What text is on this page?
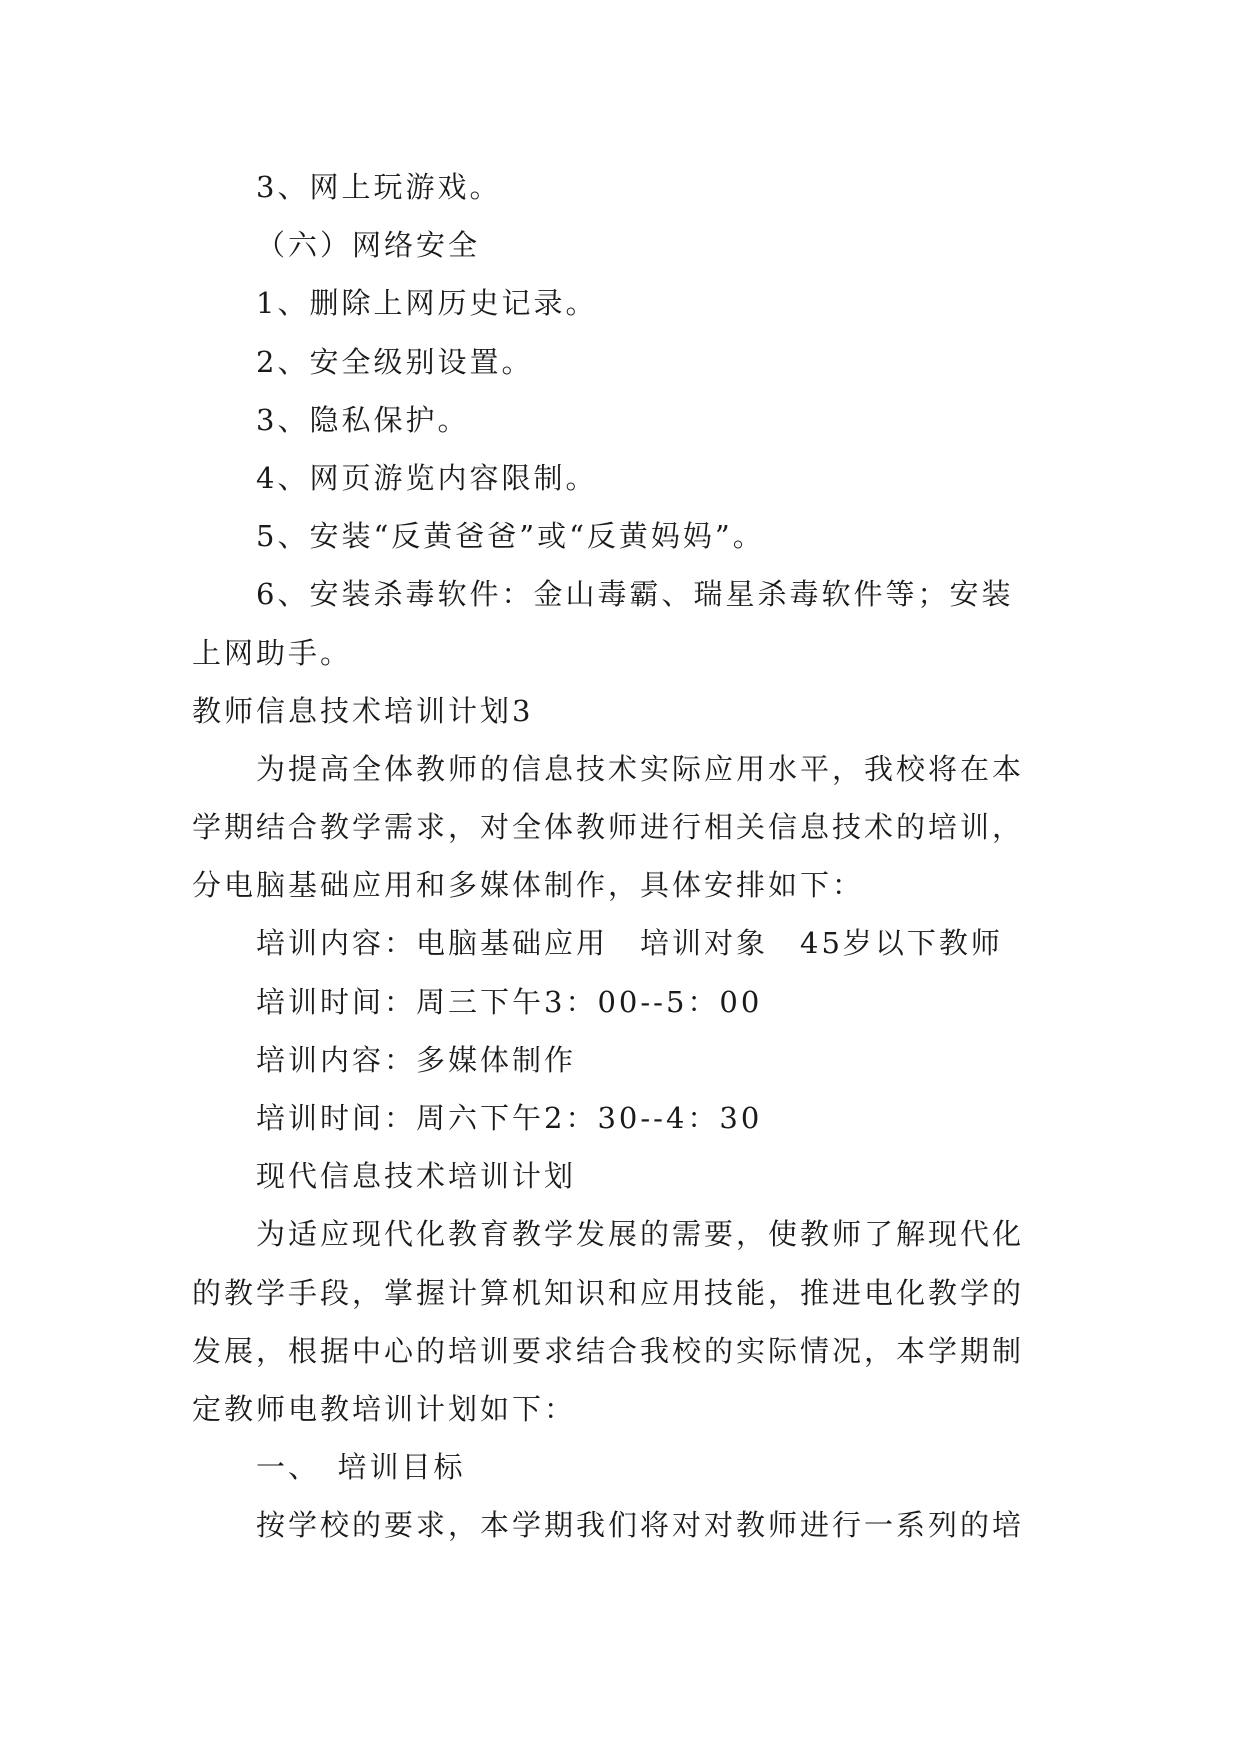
3、网上玩游戏。
（六）网络安全
1、删除上网历史记录。
2、安全级别设置。
3、隐私保护。
4、网页游览内容限制。
5、安装“反黄爸爸”或“反黄妈妈”。
6、安装杀毒软件：金山毒霸、瑞星杀毒软件等；安装
上网助手。
教师信息技术培训计划3
为提高全体教师的信息技术实际应用水平，我校将在本
学期结合教学需求，对全体教师进行相关信息技术的培训，
分电脑基础应用和多媒体制作，具体安排如下：
培训内容：电脑基础应用　培训对象　45岁以下教师
培训时间：周三下午3：00--5：00
培训内容：多媒体制作
培训时间：周六下午2：30--4：30
现代信息技术培训计划
为适应现代化教育教学发展的需要，使教师了解现代化
的教学手段，掌握计算机知识和应用技能，推进电化教学的
发展，根据中心的培训要求结合我校的实际情况，本学期制
定教师电教培训计划如下：
一、　培训目标
按学校的要求，本学期我们将对对教师进行一系列的培
